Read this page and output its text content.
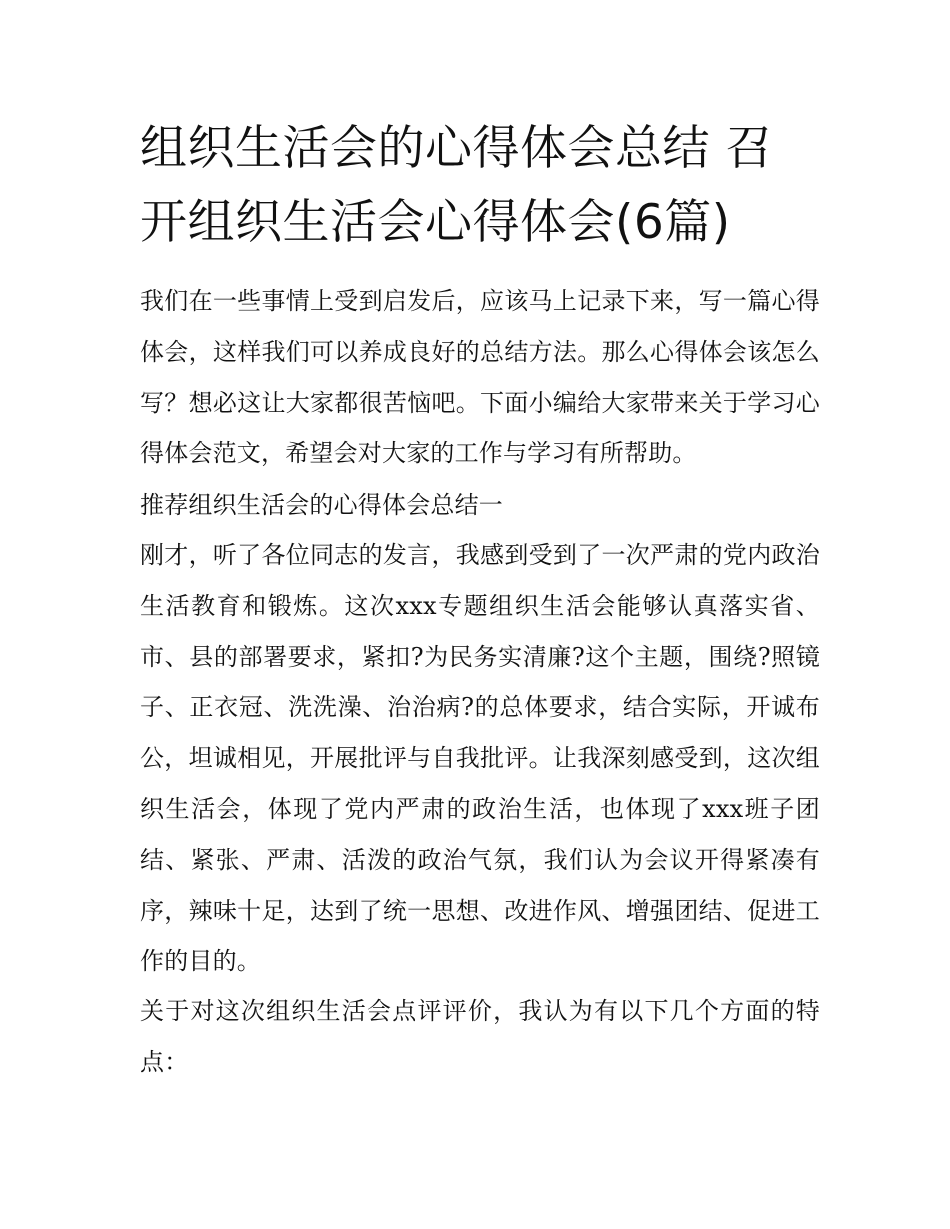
组织生活会的心得体会总结 召开组织生活会心得体会(6篇)

我们在一些事情上受到启发后，应该马上记录下来，写一篇心得体会，这样我们可以养成良好的总结方法。那么心得体会该怎么写？想必这让大家都很苦恼吧。下面小编给大家带来关于学习心得体会范文，希望会对大家的工作与学习有所帮助。

推荐组织生活会的心得体会总结一

刚才，听了各位同志的发言，我感到受到了一次严肃的党内政治生活教育和锻炼。这次xxx专题组织生活会能够认真落实省、市、县的部署要求，紧扣?为民务实清廉?这个主题，围绕?照镜子、正衣冠、洗洗澡、治治病?的总体要求，结合实际，开诚布公，坦诚相见，开展批评与自我批评。让我深刻感受到，这次组织生活会，体现了党内严肃的政治生活，也体现了xxx班子团结、紧张、严肃、活泼的政治气氛，我们认为会议开得紧凑有序，辣味十足，达到了统一思想、改进作风、增强团结、促进工作的目的。

关于对这次组织生活会点评评价，我认为有以下几个方面的特点：
